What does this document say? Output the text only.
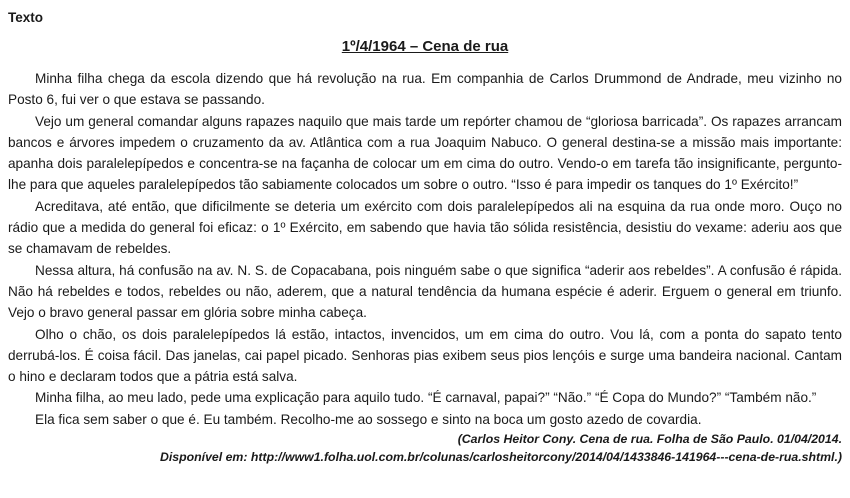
Texto
1º/4/1964 – Cena de rua

Minha filha chega da escola dizendo que há revolução na rua. Em companhia de Carlos Drummond de Andrade, meu vizinho no Posto 6, fui ver o que estava se passando.

Vejo um general comandar alguns rapazes naquilo que mais tarde um repórter chamou de “gloriosa barricada”. Os rapazes arrancam bancos e árvores impedem o cruzamento da av. Atlântica com a rua Joaquim Nabuco. O general destina-se a missão mais importante: apanha dois paralelepípedos e concentra-se na façanha de colocar um em cima do outro. Vendo-o em tarefa tão insignificante, pergunto-lhe para que aqueles paralelepípedos tão sabiamente colocados um sobre o outro. “Isso é para impedir os tanques do 1º Exército!”

Acreditava, até então, que dificilmente se deteria um exército com dois paralelepípedos ali na esquina da rua onde moro. Ouço no rádio que a medida do general foi eficaz: o 1º Exército, em sabendo que havia tão sólida resistência, desistiu do vexame: aderiu aos que se chamavam de rebeldes.

Nessa altura, há confusão na av. N. S. de Copacabana, pois ninguém sabe o que significa “aderir aos rebeldes”. A confusão é rápida. Não há rebeldes e todos, rebeldes ou não, aderem, que a natural tendência da humana espécie é aderir. Erguem o general em triunfo. Vejo o bravo general passar em glória sobre minha cabeça.

Olho o chão, os dois paralelepípedos lá estão, intactos, invencidos, um em cima do outro. Vou lá, com a ponta do sapato tento derrubá-los. É coisa fácil. Das janelas, cai papel picado. Senhoras pias exibem seus pios lençóis e surge uma bandeira nacional. Cantam o hino e declaram todos que a pátria está salva.

Minha filha, ao meu lado, pede uma explicação para aquilo tudo. “É carnaval, papai?” “Não.” “É Copa do Mundo?” “Também não.”

Ela fica sem saber o que é. Eu também. Recolho-me ao sossego e sinto na boca um gosto azedo de covardia.

(Carlos Heitor Cony. Cena de rua. Folha de São Paulo. 01/04/2014.
Disponível em: http://www1.folha.uol.com.br/colunas/carlosheitorcony/2014/04/1433846-141964---cena-de-rua.shtml.)
